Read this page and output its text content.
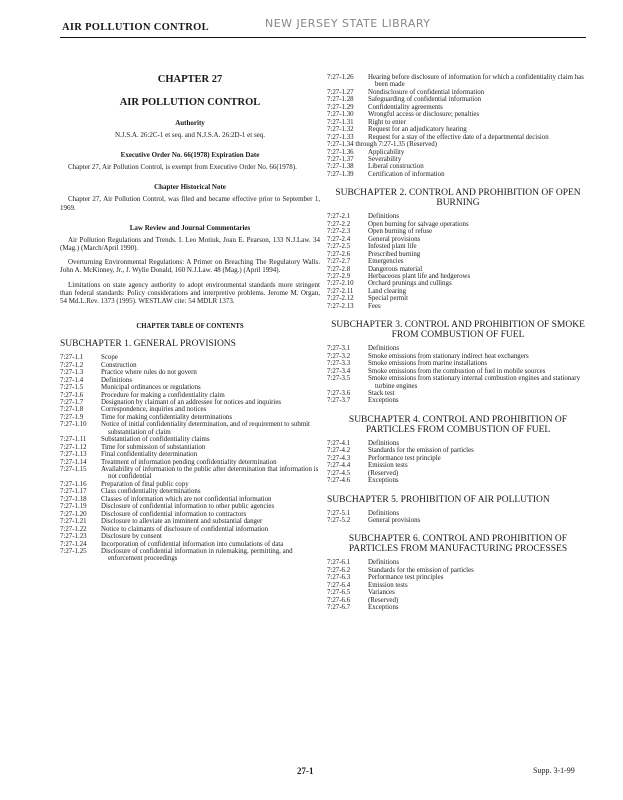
AIR POLLUTION CONTROL	NEW JERSEY STATE LIBRARY
CHAPTER 27
AIR POLLUTION CONTROL
Authority

N.J.S.A. 26:2C-1 et seq. and N.J.S.A. 26:2D-1 et seq.

Executive Order No. 66(1978) Expiration Date

Chapter 27, Air Pollution Control, is exempt from Executive Order No. 66(1978).

Chapter Historical Note

Chapter 27, Air Pollution Control, was filed and became effective prior to September 1, 1969.

Law Review and Journal Commentaries

Air Pollution Regulations and Trends. I. Leo Motiuk, Joan E. Pearson, 133 N.J.Law. 34 (Mag.) (March/April 1990).

Overturning Environmental Regulations: A Primer on Breaching The Regulatory Walls. John A. McKinney, Jr., J. Wylie Donald, 160 N.J.Law. 48 (Mag.) (April 1994).

Limitations on state agency authority to adopt environmental standards more stringent than federal standards: Policy considerations and interpretive problems. Jerome M. Organ, 54 Md.L.Rev. 1373 (1995). WESTLAW cite: 54 MDLR 1373.

CHAPTER TABLE OF CONTENTS
SUBCHAPTER 1. GENERAL PROVISIONS
7:27-1.1	Scope
7:27-1.2	Construction
7:27-1.3	Practice where rules do not govern
7:27-1.4	Definitions
7:27-1.5	Municipal ordinances or regulations
7:27-1.6	Procedure for making a confidentiality claim
7:27-1.7	Designation by claimant of an addressee for notices and inquiries
7:27-1.8	Correspondence, inquiries and notices
7:27-1.9	Time for making confidentiality determinations
7:27-1.10	Notice of initial confidentiality determination, and of requirement to submit substantiation of claim
7:27-1.11	Substantiation of confidentiality claims
7:27-1.12	Time for submission of substantiation
7:27-1.13	Final confidentiality determination
7:27-1.14	Treatment of information pending confidentiality determination
7:27-1.15	Availability of information to the public after determination that information is not confidential
7:27-1.16	Preparation of final public copy
7:27-1.17	Class confidentiality determinations
7:27-1.18	Classes of information which are not confidential information
7:27-1.19	Disclosure of confidential information to other public agencies
7:27-1.20	Disclosure of confidential information to contractors
7:27-1.21	Disclosure to alleviate an imminent and substantial danger
7:27-1.22	Notice to claimants of disclosure of confidential information
7:27-1.23	Disclosure by consent
7:27-1.24	Incorporation of confidential information into cumulations of data
7:27-1.25	Disclosure of confidential information in rulemaking, permitting, and enforcement proceedings
7:27-1.26	Hearing before disclosure of information for which a confidentiality claim has been made
7:27-1.27	Nondisclosure of confidential information
7:27-1.28	Safeguarding of confidential information
7:27-1.29	Confidentiality agreements
7:27-1.30	Wrongful access or disclosure; penalties
7:27-1.31	Right to enter
7:27-1.32	Request for an adjudicatory hearing
7:27-1.33	Request for a stay of the effective date of a departmental decision
7:27-1.34 through 7:27-1.35 (Reserved)
7:27-1.36	Applicability
7:27-1.37	Severability
7:27-1.38	Liberal construction
7:27-1.39	Certification of information
SUBCHAPTER 2. CONTROL AND PROHIBITION OF OPEN BURNING
7:27-2.1	Definitions
7:27-2.2	Open burning for salvage operations
7:27-2.3	Open burning of refuse
7:27-2.4	General provisions
7:27-2.5	Infested plant life
7:27-2.6	Prescribed burning
7:27-2.7	Emergencies
7:27-2.8	Dangerous material
7:27-2.9	Herbaceous plant life and hedgerows
7:27-2.10	Orchard prunings and cullings
7:27-2.11	Land clearing
7:27-2.12	Special permit
7:27-2.13	Fees
SUBCHAPTER 3. CONTROL AND PROHIBITION OF SMOKE FROM COMBUSTION OF FUEL
7:27-3.1	Definitions
7:27-3.2	Smoke emissions from stationary indirect heat exchangers
7:27-3.3	Smoke emissions from marine installations
7:27-3.4	Smoke emissions from the combustion of fuel in mobile sources
7:27-3.5	Smoke emissions from stationary internal combustion engines and stationary turbine engines
7:27-3.6	Stack test
7:27-3.7	Exceptions
SUBCHAPTER 4. CONTROL AND PROHIBITION OF PARTICLES FROM COMBUSTION OF FUEL
7:27-4.1	Definitions
7:27-4.2	Standards for the emission of particles
7:27-4.3	Performance test principle
7:27-4.4	Emission tests
7:27-4.5	(Reserved)
7:27-4.6	Exceptions
SUBCHAPTER 5. PROHIBITION OF AIR POLLUTION
7:27-5.1	Definitions
7:27-5.2	General provisions
SUBCHAPTER 6. CONTROL AND PROHIBITION OF PARTICLES FROM MANUFACTURING PROCESSES
7:27-6.1	Definitions
7:27-6.2	Standards for the emission of particles
7:27-6.3	Performance test principles
7:27-6.4	Emission tests
7:27-6.5	Variances
7:27-6.6	(Reserved)
7:27-6.7	Exceptions
27-1	Supp. 3-1-99
